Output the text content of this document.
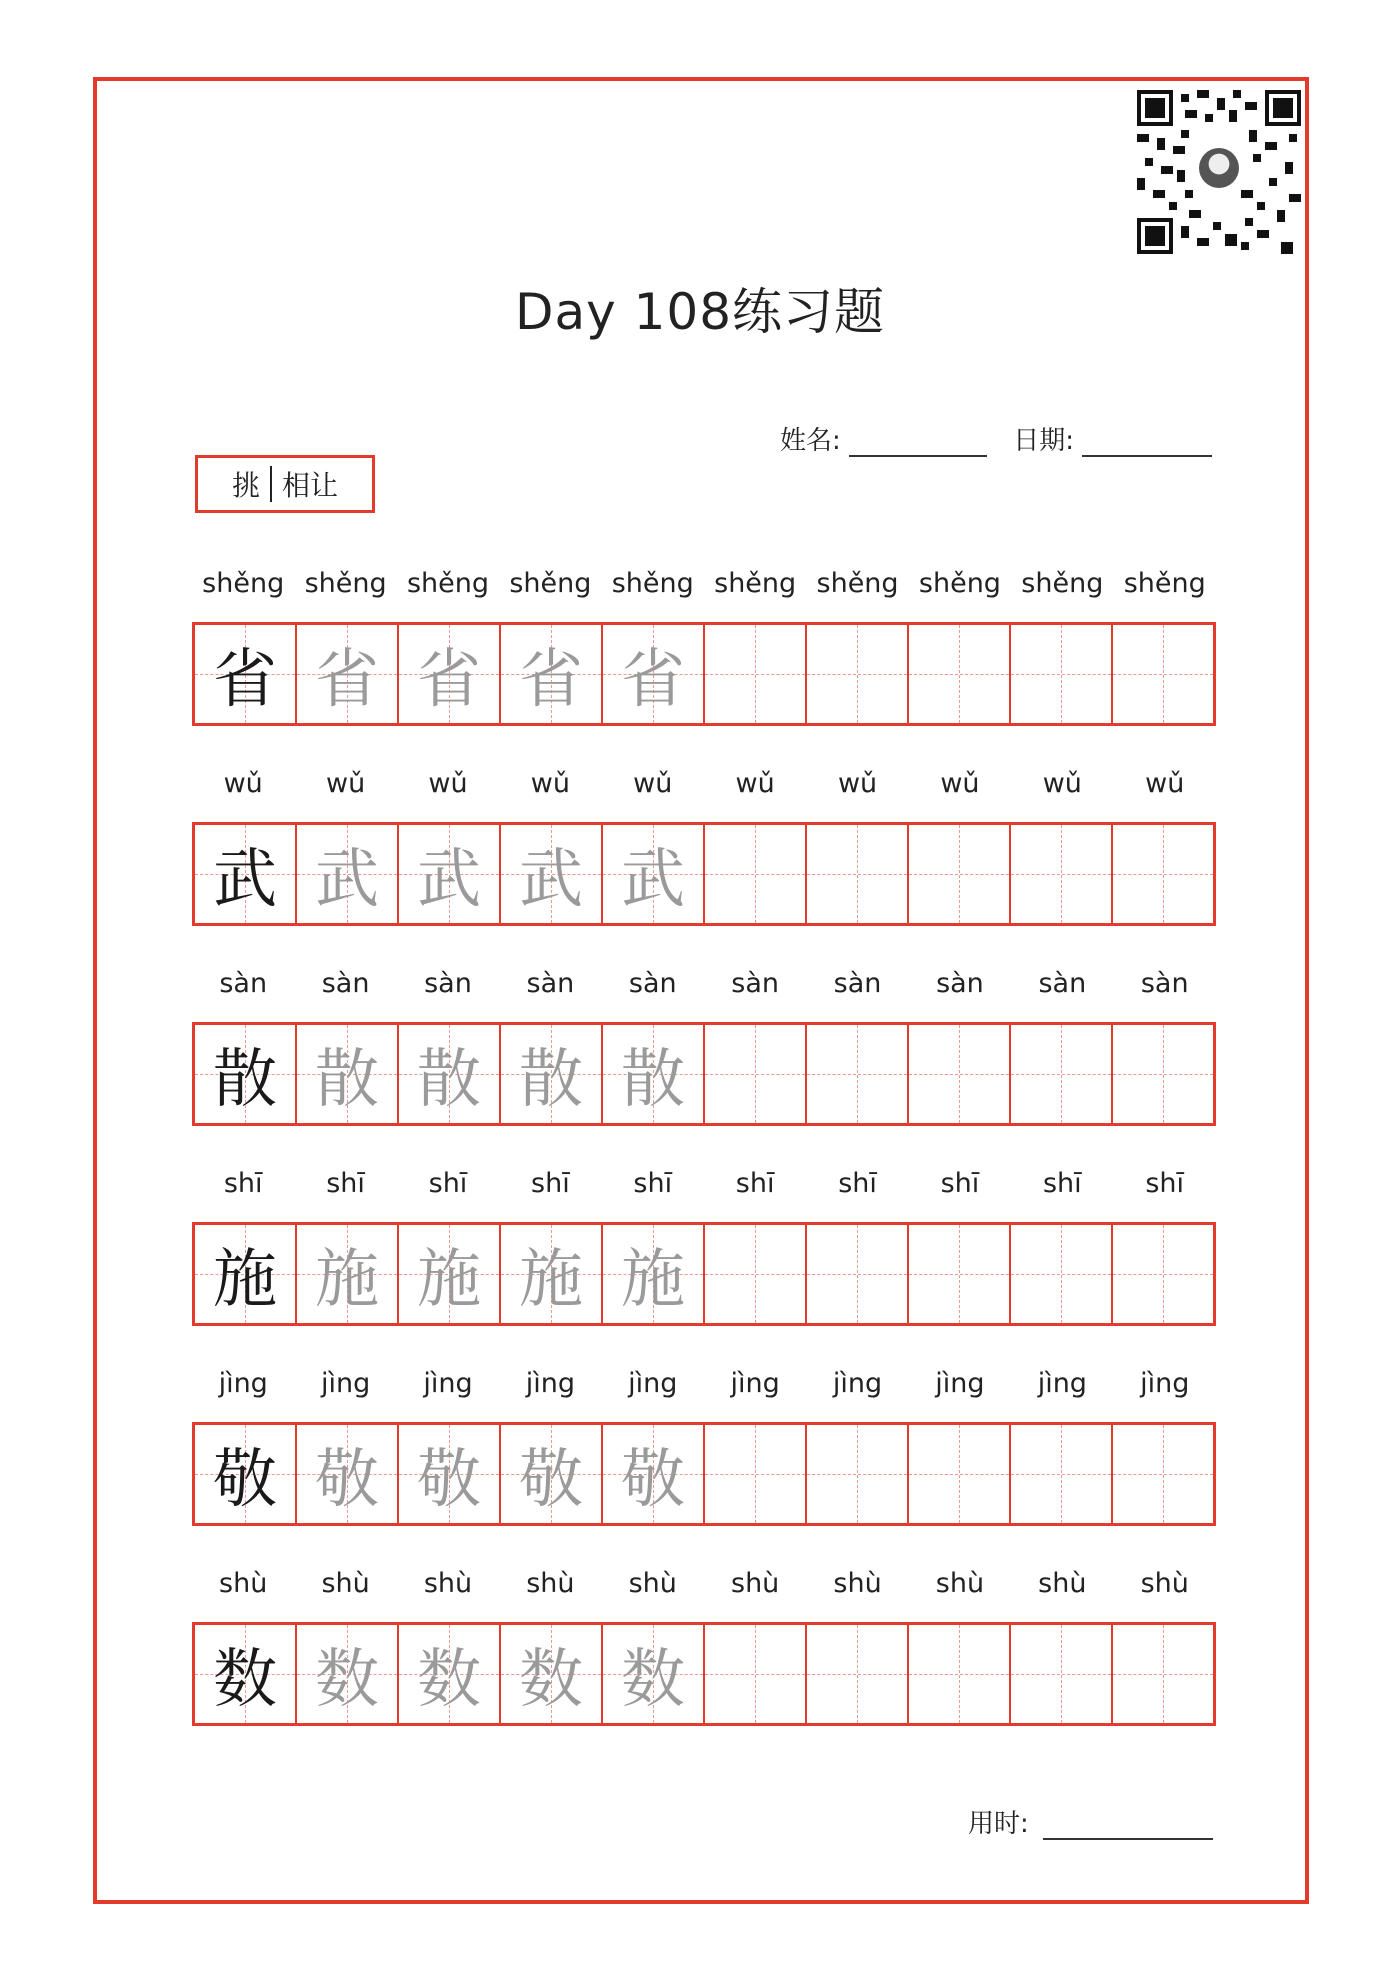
Day 108练习题
姓名:	日期:
挑 相让
shěng shěng shěng shěng shěng shěng shěng shěng shěng shěng
省 省 省 省 省
wǔ	wǔ	wǔ	wǔ	wǔ	wǔ	wǔ	wǔ	wǔ	wǔ
武 武 武 武 武
sàn	sàn	sàn	sàn	sàn	sàn	sàn	sàn	sàn	sàn
散 散 散 散 散
shī	shī	shī	shī	shī	shī	shī	shī	shī	shī
施 施 施 施 施
jìng	jìng	jìng	jìng	jìng	jìng	jìng	jìng	jìng	jìng
敬 敬 敬 敬 敬
shù	shù	shù	shù	shù	shù	shù	shù	shù	shù
数 数 数 数 数
用时:
